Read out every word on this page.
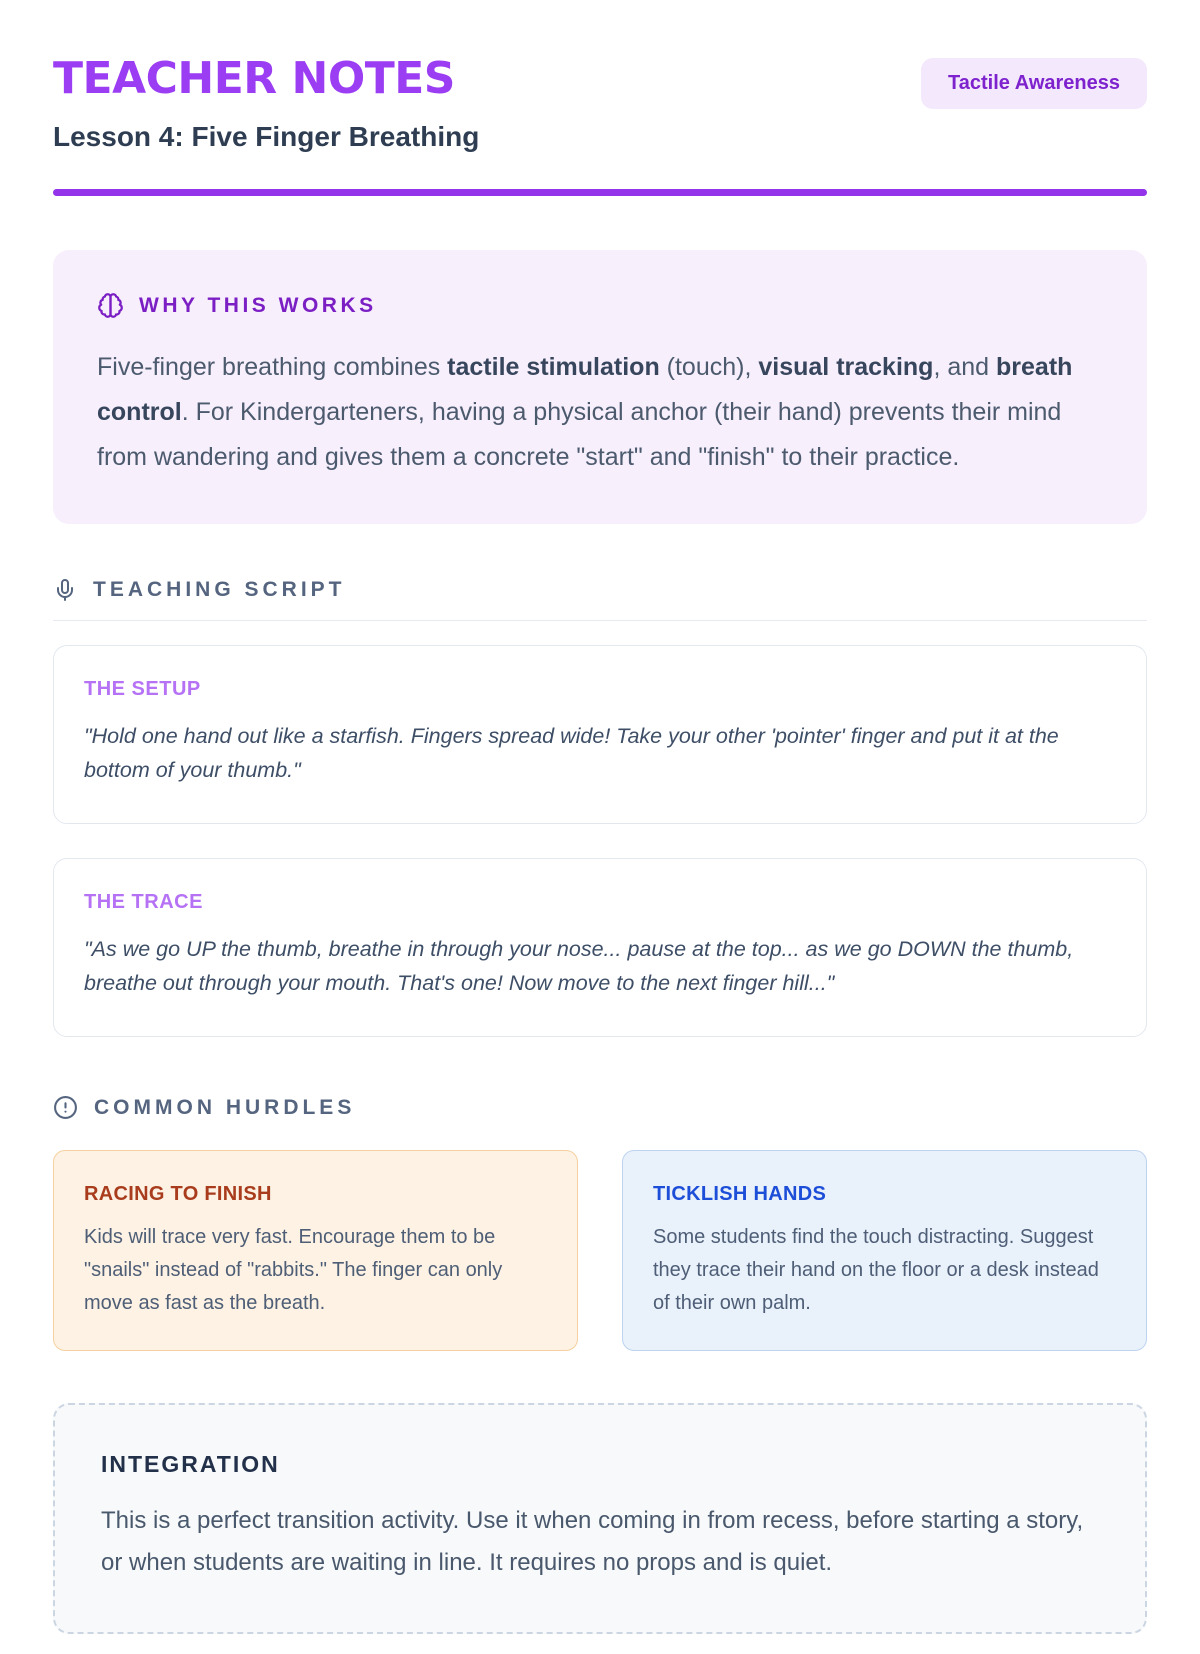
TEACHER NOTES	Tactile Awareness
Lesson 4: Five Finger Breathing
WHY THIS WORKS

Five-finger breathing combines tactile stimulation (touch), visual tracking, and breath control. For Kindergarteners, having a physical anchor (their hand) prevents their mind from wandering and gives them a concrete "start" and "finish" to their practice.

TEACHING SCRIPT
THE SETUP

"Hold one hand out like a starfish. Fingers spread wide! Take your other 'pointer' finger and put it at the bottom of your thumb."

THE TRACE

"As we go UP the thumb, breathe in through your nose... pause at the top... as we go DOWN the thumb, breathe out through your mouth. That's one! Now move to the next finger hill..."

COMMON HURDLES
RACING TO FINISH

Kids will trace very fast. Encourage them to be "snails" instead of "rabbits." The finger can only move as fast as the breath.

TICKLISH HANDS

Some students find the touch distracting. Suggest they trace their hand on the floor or a desk instead of their own palm.

INTEGRATION

This is a perfect transition activity. Use it when coming in from recess, before starting a story, or when students are waiting in line. It requires no props and is quiet.
